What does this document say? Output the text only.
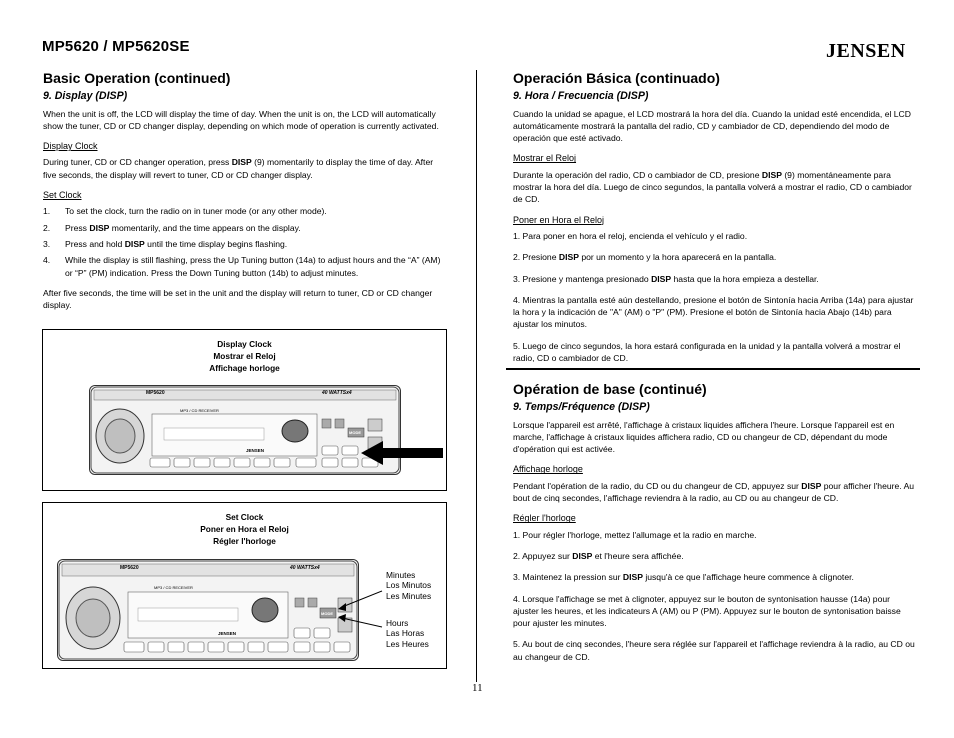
MP5620 / MP5620SE	JENSEN
Basic Operation (continued)
9. Display (DISP)

When the unit is off, the LCD will display the time of day. When the unit is on, the LCD will automatically show the tuner, CD or CD changer display, depending on which mode of operation is currently activated.

Display Clock

During tuner, CD or CD changer operation, press DISP (9) momentarily to display the time of day. After five seconds, the display will revert to tuner, CD or CD changer display.

Set Clock
1.	To set the clock, turn the radio on in tuner mode (or any other mode).
2.	Press DISP momentarily, and the time appears on the display.
3.	Press and hold DISP until the time display begins flashing.
4.	While the display is still flashing, press the Up Tuning button (14a) to adjust hours and the “A” (AM) or “P” (PM) indication. Press the Down Tuning button (14b) to adjust minutes.

After five seconds, the time will be set in the unit and the display will return to tuner, CD or CD changer display.

Display Clock
Mostrar el Reloj
Affichage horloge
MP5620	40 WATTSx4
MP3 / CD RECEIVER
JENSEN
MODE
Set Clock
Poner en Hora el Reloj
Régler l'horloge
MP5620	40 WATTSx4
MP3 / CD RECEIVER
JENSEN
MODE
Minutes
Los Minutos
Les Minutes
Hours
Las Horas
Les Heures
Operación Básica (continuado)
9. Hora / Frecuencia (DISP)

Cuando la unidad se apague, el LCD mostrará la hora del día. Cuando la unidad esté encendida, el LCD automáticamente mostrará la pantalla del radio, CD y cambiador de CD, dependiendo del modo de operación que esté activado.

Mostrar el Reloj

Durante la operación del radio, CD o cambiador de CD, presione DISP (9) momentáneamente para mostrar la hora del día. Luego de cinco segundos, la pantalla volverá a mostrar el radio, CD o cambiador de CD.

Poner en Hora el Reloj

1. Para poner en hora el reloj, encienda el vehículo y el radio.

2. Presione DISP por un momento y la hora aparecerá en la pantalla.

3. Presione y mantenga presionado DISP hasta que la hora empieza a destellar.

4. Mientras la pantalla esté aún destellando, presione el botón de Sintonía hacia Arriba (14a) para ajustar la hora y la indicación de "A" (AM) o "P" (PM). Presione el botón de Sintonía hacia Abajo (14b) para ajustar los minutos.

5. Luego de cinco segundos, la hora estará configurada en la unidad y la pantalla volverá a mostrar el radio, CD o cambiador de CD.

Opération de base (continué)
9. Temps/Fréquence (DISP)

Lorsque l'appareil est arrêté, l'affichage à cristaux liquides affichera l'heure. Lorsque l'appareil est en marche, l'affichage à cristaux liquides affichera radio, CD ou changeur de CD, dépendant du mode d'opération qui est activée.

Affichage horloge

Pendant l'opération de la radio, du CD ou du changeur de CD, appuyez sur DISP pour afficher l'heure. Au bout de cinq secondes, l'affichage reviendra à la radio, au CD ou au changeur de CD.

Régler l'horloge

1. Pour régler l'horloge, mettez l'allumage et la radio en marche.

2. Appuyez sur DISP et l'heure sera affichée.

3. Maintenez la pression sur DISP jusqu'à ce que l'affichage heure commence à clignoter.

4. Lorsque l'affichage se met à clignoter, appuyez sur le bouton de syntonisation hausse (14a) pour ajuster les heures, et les indicateurs A (AM) ou P (PM). Appuyez sur le bouton de syntonisation baisse pour ajuster les minutes.

5. Au bout de cinq secondes, l'heure sera réglée sur l'appareil et l'affichage reviendra à la radio, au CD ou au changeur de CD.

11
